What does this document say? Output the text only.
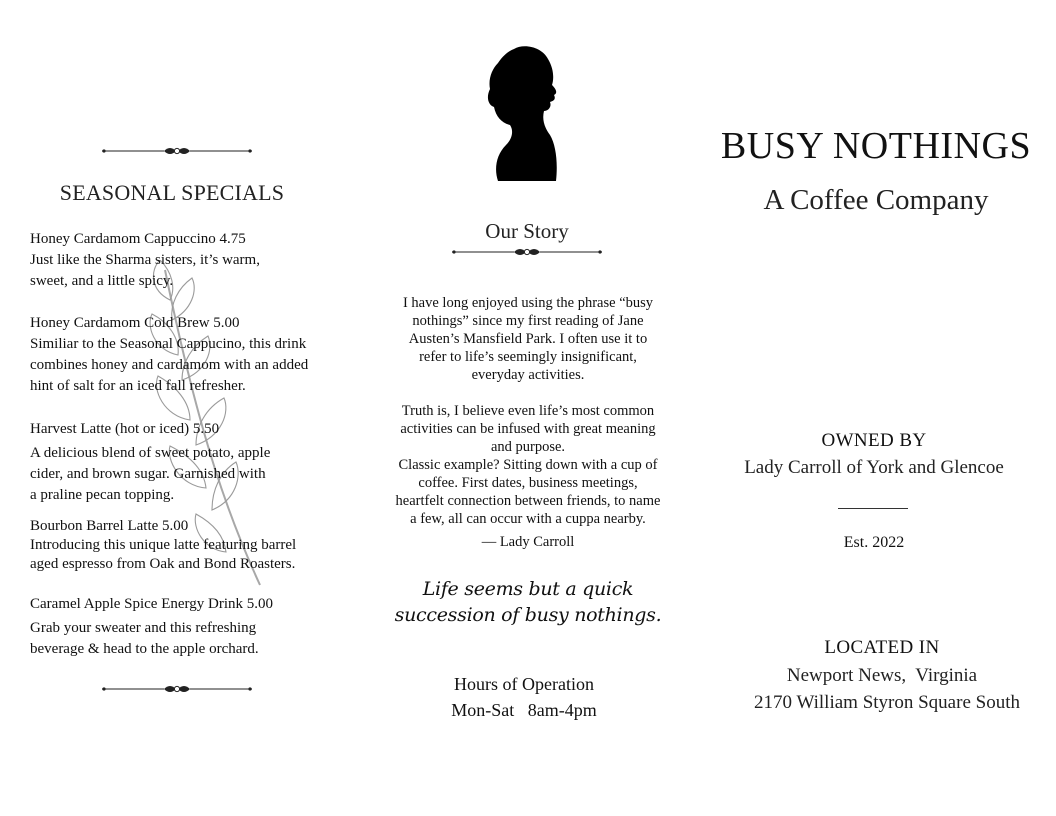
SEASONAL SPECIALS
Honey Cardamom Cappuccino 4.75
Just like the Sharma sisters, it’s warm,
sweet, and a little spicy.
Honey Cardamom Cold Brew 5.00
Similiar to the Seasonal Cappucino, this drink
combines honey and cardamom with an added
hint of salt for an iced fall refresher.
Harvest Latte (hot or iced) 5.50
A delicious blend of sweet potato, apple
cider, and brown sugar. Garnished with
a praline pecan topping.
Bourbon Barrel Latte 5.00
Introducing this unique latte featuring barrel
aged espresso from Oak and Bond Roasters.
Caramel Apple Spice Energy Drink 5.00
Grab your sweater and this refreshing
beverage & head to the apple orchard.
Our Story
I have long enjoyed using the phrase “busy
nothings” since my first reading of Jane
Austen’s Mansfield Park. I often use it to
refer to life’s seemingly insignificant,
everyday activities.
Truth is, I believe even life’s most common
activities can be infused with great meaning
and purpose.
Classic example? Sitting down with a cup of
coffee. First dates, business meetings,
heartfelt connection between friends, to name
a few, all can occur with a cuppa nearby.
— Lady Carroll
Life seems but a quick
succession of busy nothings.
Hours of Operation
Mon-Sat   8am-4pm
BUSY NOTHINGS
A Coffee Company
OWNED BY
Lady Carroll of York and Glencoe
Est. 2022
LOCATED IN
Newport News,  Virginia
2170 William Styron Square South
